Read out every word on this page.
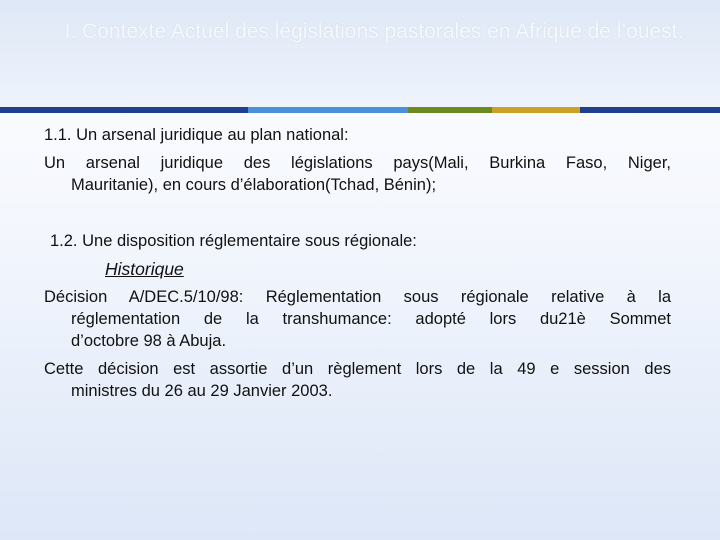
I. Contexte Actuel des législations pastorales en Afrique de l’ouest.
1.1. Un arsenal juridique au plan national:
Un arsenal juridique des législations pays(Mali, Burkina Faso, Niger,
Mauritanie), en cours d’élaboration(Tchad, Bénin);
1.2. Une disposition réglementaire sous régionale:
Historique
Décision A/DEC.5/10/98: Réglementation sous régionale relative à la
réglementation de la transhumance: adopté lors du21è Sommet
d’octobre 98 à Abuja.
Cette décision est assortie d’un règlement lors de la 49 e session des
ministres du 26 au 29 Janvier 2003.
